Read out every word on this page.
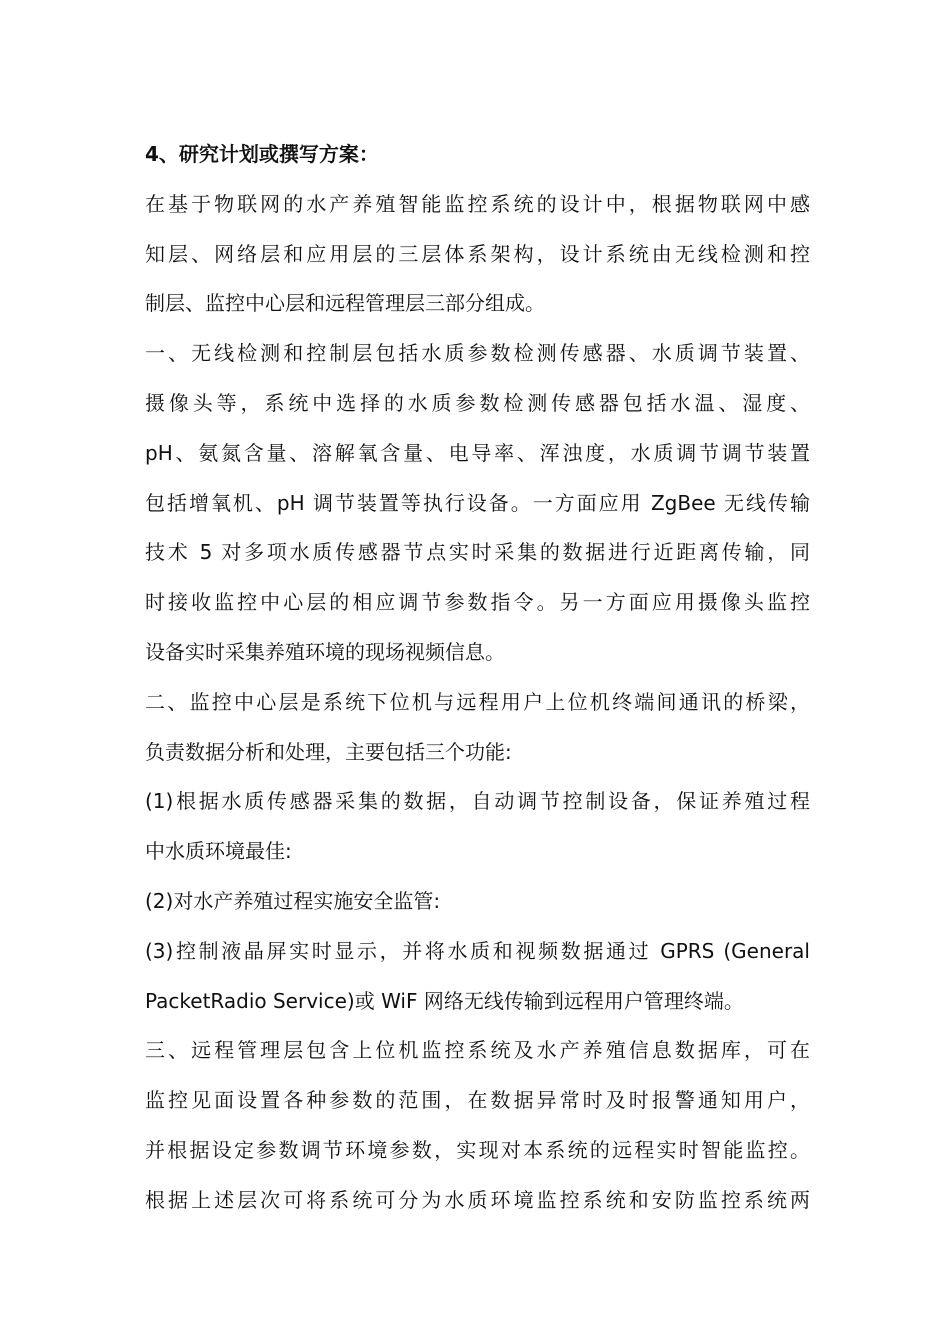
4、研究计划或撰写方案：
在基于物联网的水产养殖智能监控系统的设计中，根据物联网中感
知层、网络层和应用层的三层体系架构，设计系统由无线检测和控
制层、监控中心层和远程管理层三部分组成。
一、无线检测和控制层包括水质参数检测传感器、水质调节装置、
摄像头等，系统中选择的水质参数检测传感器包括水温、湿度、
pH、氨氮含量、溶解氧含量、电导率、浑浊度，水质调节调节装置
包括增氧机、pH 调节装置等执行设备。一方面应用 ZgBee 无线传输
技术 5 对多项水质传感器节点实时采集的数据进行近距离传输，同
时接收监控中心层的相应调节参数指令。另一方面应用摄像头监控
设备实时采集养殖环境的现场视频信息。
二、监控中心层是系统下位机与远程用户上位机终端间通讯的桥梁，
负责数据分析和处理，主要包括三个功能:
(1)根据水质传感器采集的数据，自动调节控制设备，保证养殖过程
中水质环境最佳:
(2)对水产养殖过程实施安全监管:
(3)控制液晶屏实时显示，并将水质和视频数据通过 GPRS (General
PacketRadio Service)或 WiF 网络无线传输到远程用户管理终端。
三、远程管理层包含上位机监控系统及水产养殖信息数据库，可在
监控见面设置各种参数的范围，在数据异常时及时报警通知用户，
并根据设定参数调节环境参数，实现对本系统的远程实时智能监控。
根据上述层次可将系统可分为水质环境监控系统和安防监控系统两
